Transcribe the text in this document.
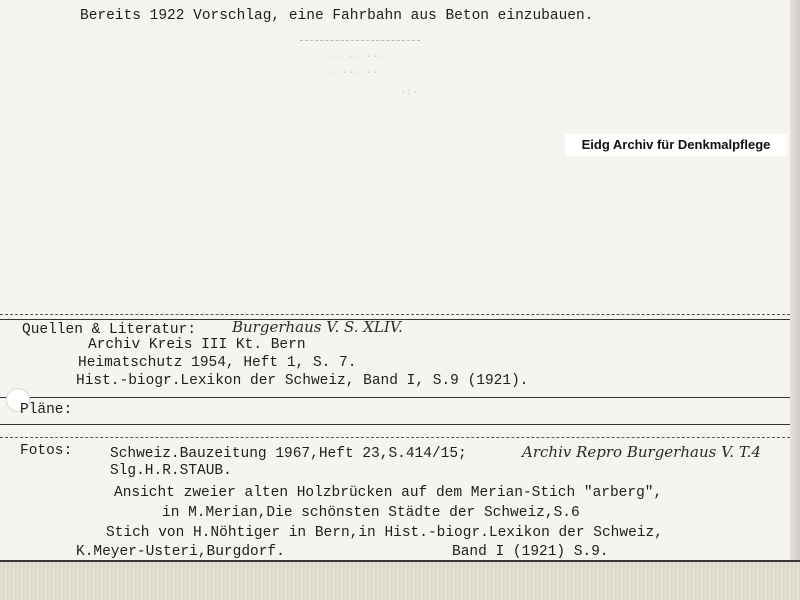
Bereits 1922 Vorschlag, eine Fahrbahn aus Beton einzubauen.
·· ·· ···
· ··· ··
·:·
Eidg Archiv für Denkmalpflege
Quellen & Literatur: Burgerhaus V. S. XLIV.
Archiv Kreis III Kt. Bern
Heimatschutz 1954, Heft 1, S. 7.
Hist.-biogr.Lexikon der Schweiz, Band I, S.9 (1921).
Pläne:
Fotos:	Schweiz.Bauzeitung 1967,Heft 23,S.414/15;	Archiv Repro Burgerhaus V. T.4
Slg.H.R.STAUB.
Ansicht zweier alten Holzbrücken auf dem Merian-Stich "arberg",
in M.Merian,Die schönsten Städte der Schweiz,S.6
Stich von H.Nöhtiger in Bern,in Hist.-biogr.Lexikon der Schweiz,
K.Meyer-Usteri,Burgdorf.	Band I (1921) S.9.
